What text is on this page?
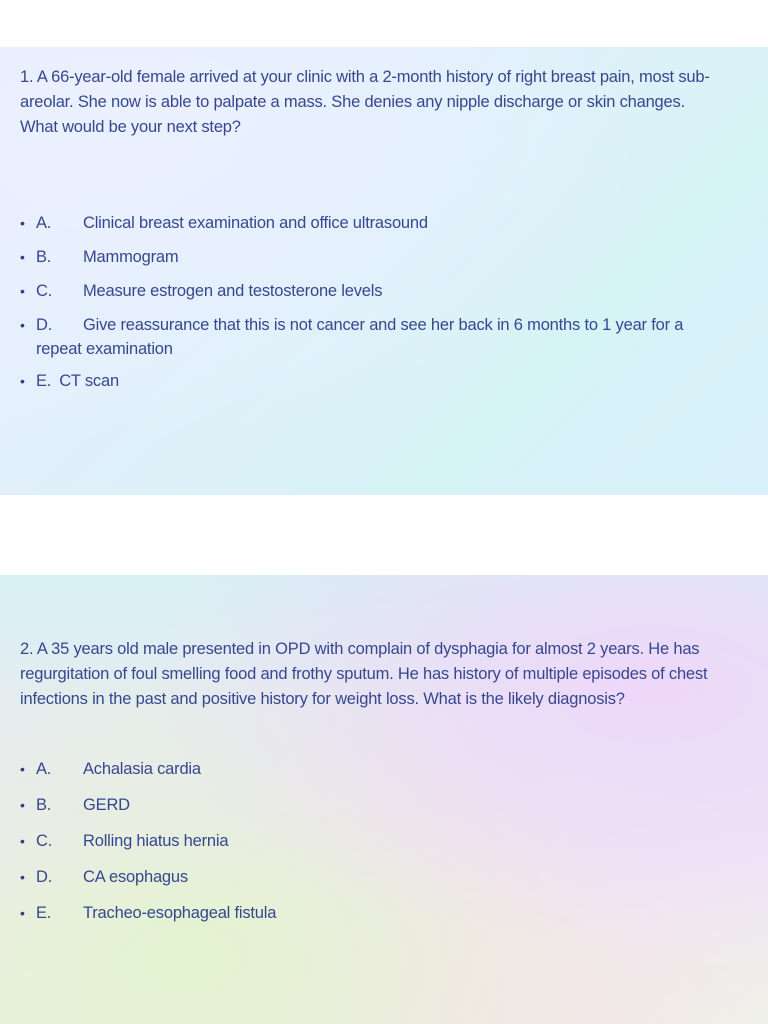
1. A 66-year-old female arrived at your clinic with a 2-month history of right breast pain, most sub-areolar. She now is able to palpate a mass. She denies any nipple discharge or skin changes. What would be your next step?

• A. Clinical breast examination and office ultrasound
• B. Mammogram
• C. Measure estrogen and testosterone levels
• D. Give reassurance that this is not cancer and see her back in 6 months to 1 year for a repeat examination
• E. CT scan

2. A 35 years old male presented in OPD with complain of dysphagia for almost 2 years. He has regurgitation of foul smelling food and frothy sputum. He has history of multiple episodes of chest infections in the past and positive history for weight loss. What is the likely diagnosis?

• A. Achalasia cardia
• B. GERD
• C. Rolling hiatus hernia
• D. CA esophagus
• E. Tracheo-esophageal fistula
